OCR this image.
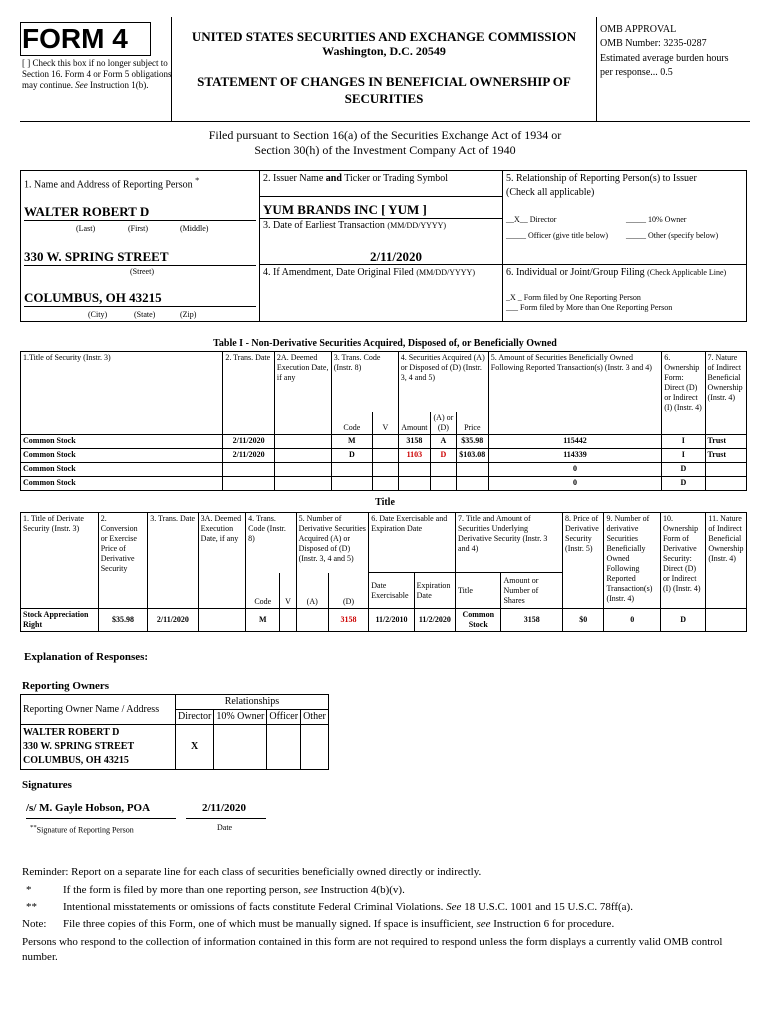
FORM 4
[ ] Check this box if no longer subject to Section 16. Form 4 or Form 5 obligations may continue. See Instruction 1(b).
UNITED STATES SECURITIES AND EXCHANGE COMMISSION
Washington, D.C. 20549
STATEMENT OF CHANGES IN BENEFICIAL OWNERSHIP OF SECURITIES
OMB APPROVAL
OMB Number: 3235-0287
Estimated average burden hours per response... 0.5
Filed pursuant to Section 16(a) of the Securities Exchange Act of 1934 or
Section 30(h) of the Investment Company Act of 1940
1. Name and Address of Reporting Person *
WALTER ROBERT D
(Last)	(First)	(Middle)
330 W. SPRING STREET
(Street)
COLUMBUS, OH 43215
(City)	(State)	(Zip)
2. Issuer Name and Ticker or Trading Symbol
YUM BRANDS INC [ YUM ]
3. Date of Earliest Transaction (MM/DD/YYYY)
2/11/2020
4. If Amendment, Date Original Filed (MM/DD/YYYY)
5. Relationship of Reporting Person(s) to Issuer
(Check all applicable)
__X__ Director	_____ 10% Owner
_____ Officer (give title below) _____ Other (specify below)
6. Individual or Joint/Group Filing (Check Applicable Line)
_X _ Form filed by One Reporting Person
___ Form filed by More than One Reporting Person
Table I - Non-Derivative Securities Acquired, Disposed of, or Beneficially Owned
1.Title of Security (Instr. 3)	2. Trans. Date	2A. Deemed Execution Date, if any	3. Trans. Code (Instr. 8)		4. Securities Acquired (A) or Disposed of (D) (Instr. 3, 4 and 5)			5. Amount of Securities Beneficially Owned Following Reported Transaction(s) (Instr. 3 and 4)	6. Ownership Form: Direct (D) or Indirect (I) (Instr. 4)	7. Nature of Indirect Beneficial Ownership (Instr. 4)
			Code	V	Amount	(A) or (D)	Price			
Common Stock	2/11/2020		M		3158	A	$35.98	115442	I	Trust
Common Stock	2/11/2020		D		1103	D	$103.08	114339	I	Trust
Common Stock								0	D	
Common Stock								0	D	
Title
1. Title of Derivate Security (Instr. 3)	2. Conversion or Exercise Price of Derivative Security	3. Trans. Date	3A. Deemed Execution Date, if any	4. Trans. Code (Instr. 8)		5. Number of Derivative Securities Acquired (A) or Disposed of (D) (Instr. 3, 4 and 5)		6. Date Exercisable and Expiration Date		7. Title and Amount of Securities Underlying Derivative Security (Instr. 3 and 4)		8. Price of Derivative Security (Instr. 5)	9. Number of derivative Securities Beneficially Owned Following Reported Transaction(s) (Instr. 4)	10. Ownership Form of Derivative Security: Direct (D) or Indirect (I) (Instr. 4)	11. Nature of Indirect Beneficial Ownership (Instr. 4)
				Code	V	(A)	(D)	Date Exercisable	Expiration Date	Title	Amount or Number of Shares				
Stock Appreciation Right	$35.98	2/11/2020		M			3158	11/2/2010	11/2/2020	Common Stock	3158	$0	0	D	
Explanation of Responses:
Reporting Owners
Reporting Owner Name / Address	Relationships			
	Director	10% Owner	Officer	Other

WALTER ROBERT D
330 W. SPRING STREET
COLUMBUS, OH 43215	X			
Signatures
/s/ M. Gayle Hobson, POA	2/11/2020
**Signature of Reporting Person	Date
Reminder: Report on a separate line for each class of securities beneficially owned directly or indirectly.
*	If the form is filed by more than one reporting person, see Instruction 4(b)(v).
** Intentional misstatements or omissions of facts constitute Federal Criminal Violations. See 18 U.S.C. 1001 and 15 U.S.C. 78ff(a).
Note: File three copies of this Form, one of which must be manually signed. If space is insufficient, see Instruction 6 for procedure.
Persons who respond to the collection of information contained in this form are not required to respond unless the form displays a currently valid OMB control number.
